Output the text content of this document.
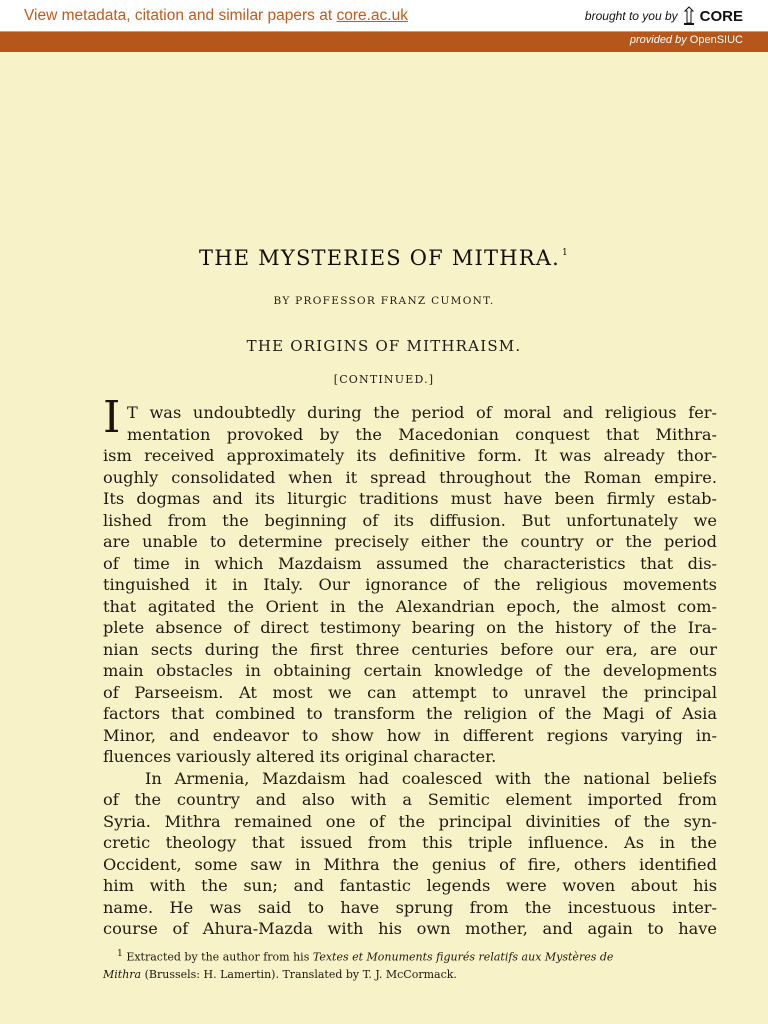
View metadata, citation and similar papers at core.ac.uk	brought to you by CORE
provided by OpenSIUC
THE MYSTERIES OF MITHRA. $^1$
BY PROFESSOR FRANZ CUMONT.
THE ORIGINS OF MITHRAISM.
[CONTINUED.]
I T was undoubtedly during the period of moral and religious fer-
mentation provoked by the Macedonian conquest that Mithra-
ism received approximately its definitive form. It was already thor-
oughly consolidated when it spread throughout the Roman empire.
Its dogmas and its liturgic traditions must have been firmly estab-
lished from the beginning of its diffusion. But unfortunately we
are unable to determine precisely either the country or the period
of time in which Mazdaism assumed the characteristics that dis-
tinguished it in Italy. Our ignorance of the religious movements
that agitated the Orient in the Alexandrian epoch, the almost com-
plete absence of direct testimony bearing on the history of the Ira-
nian sects during the first three centuries before our era, are our
main obstacles in obtaining certain knowledge of the developments
of Parseeism. At most we can attempt to unravel the principal
factors that combined to transform the religion of the Magi of Asia
Minor, and endeavor to show how in different regions varying in-
fluences variously altered its original character.
In Armenia, Mazdaism had coalesced with the national beliefs
of the country and also with a Semitic element imported from
Syria. Mithra remained one of the principal divinities of the syn-
cretic theology that issued from this triple influence. As in the
Occident, some saw in Mithra the genius of fire, others identified
him with the sun; and fantastic legends were woven about his
name. He was said to have sprung from the incestuous inter-
course of Ahura-Mazda with his own mother, and again to have
$^1$ Extracted by the author from his Textes et Monuments figurés relatifs aux Mystères de
Mithra (Brussels: H. Lamertin). Translated by T. J. McCormack.
